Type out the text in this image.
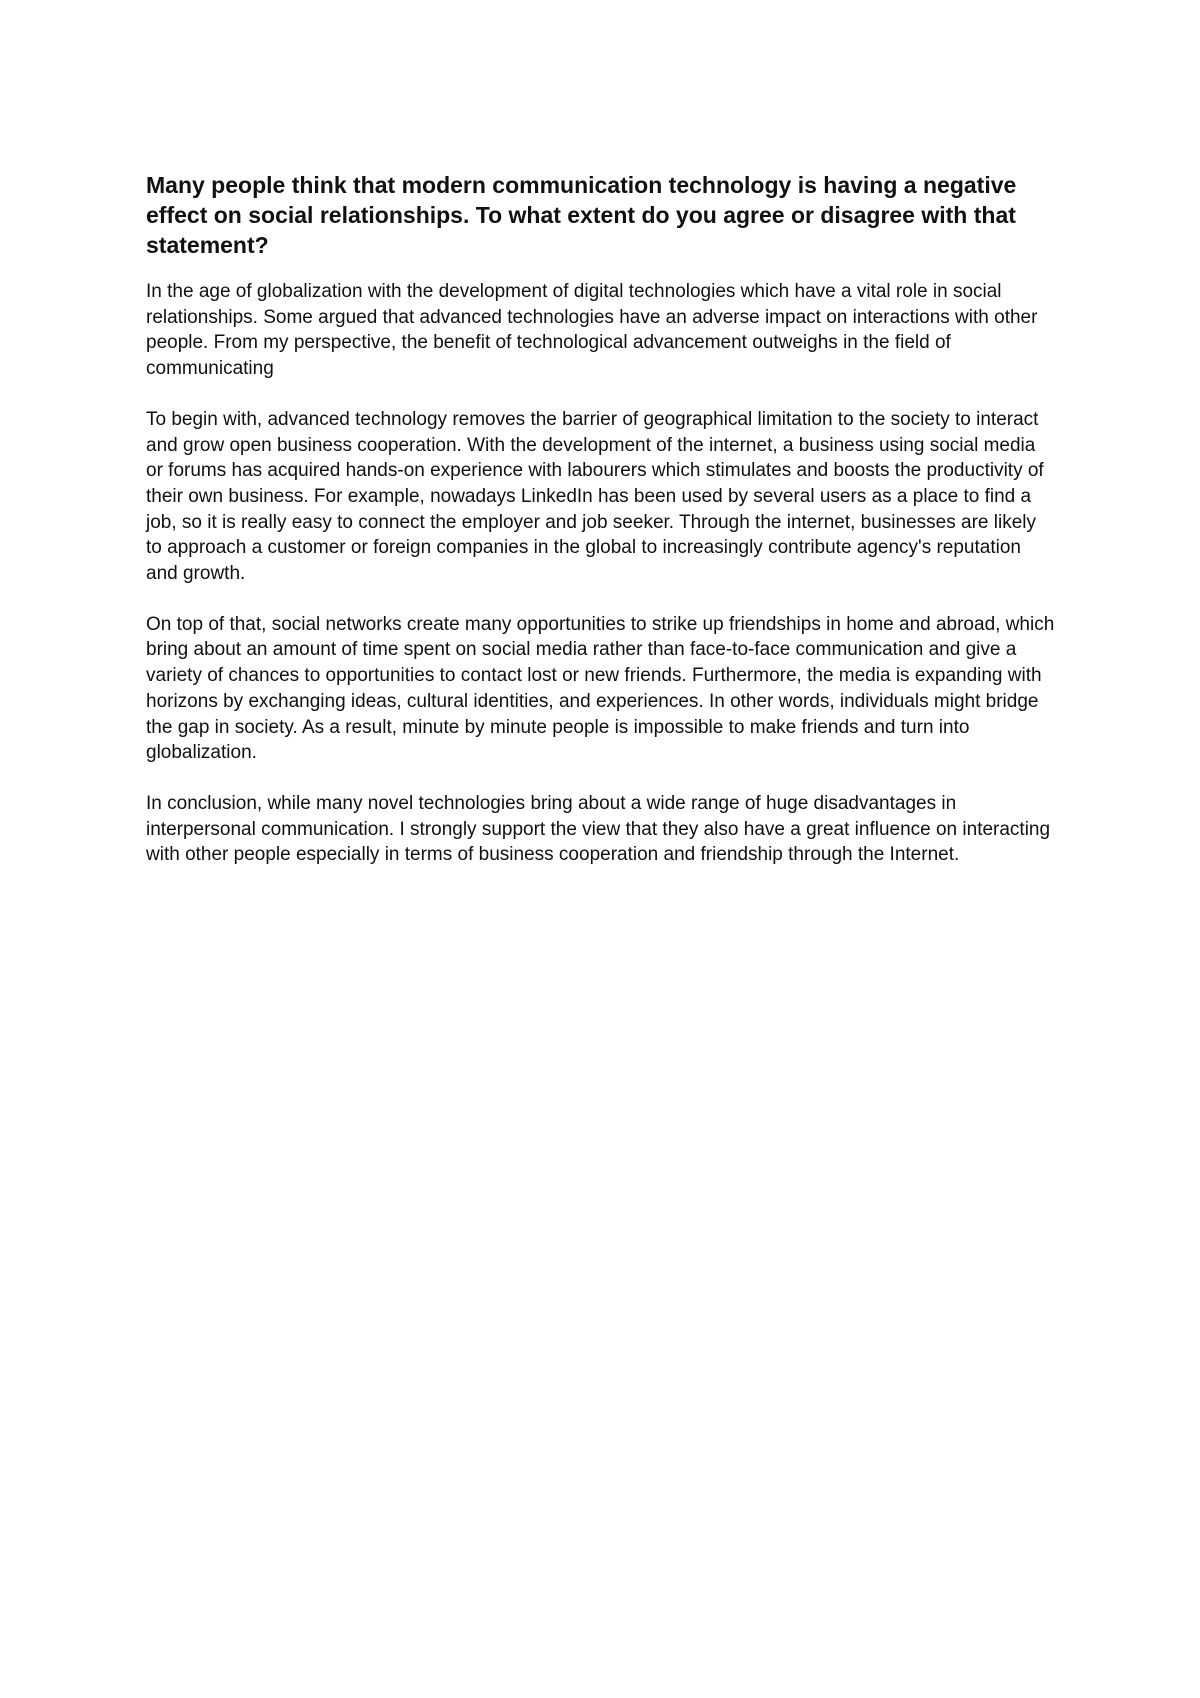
Many people think that modern communication technology is having a negative effect on social relationships. To what extent do you agree or disagree with that statement?

In the age of globalization with the development of digital technologies which have a vital role in social relationships. Some argued that advanced technologies have an adverse impact on interactions with other people. From my perspective, the benefit of technological advancement outweighs in the field of communicating

To begin with, advanced technology removes the barrier of geographical limitation to the society to interact and grow open business cooperation. With the development of the internet, a business using social media or forums has acquired hands-on experience with labourers which stimulates and boosts the productivity of their own business. For example, nowadays LinkedIn has been used by several users as a place to find a job, so it is really easy to connect the employer and job seeker. Through the internet, businesses are likely to approach a customer or foreign companies in the global to increasingly contribute agency's reputation and growth.

On top of that, social networks create many opportunities to strike up friendships in home and abroad, which bring about an amount of time spent on social media rather than face-to-face communication and give a variety of chances to opportunities to contact lost or new friends. Furthermore, the media is expanding with horizons by exchanging ideas, cultural identities, and experiences. In other words, individuals might bridge the gap in society. As a result, minute by minute people is impossible to make friends and turn into globalization.

In conclusion, while many novel technologies bring about a wide range of huge disadvantages in interpersonal communication. I strongly support the view that they also have a great influence on interacting with other people especially in terms of business cooperation and friendship through the Internet.
